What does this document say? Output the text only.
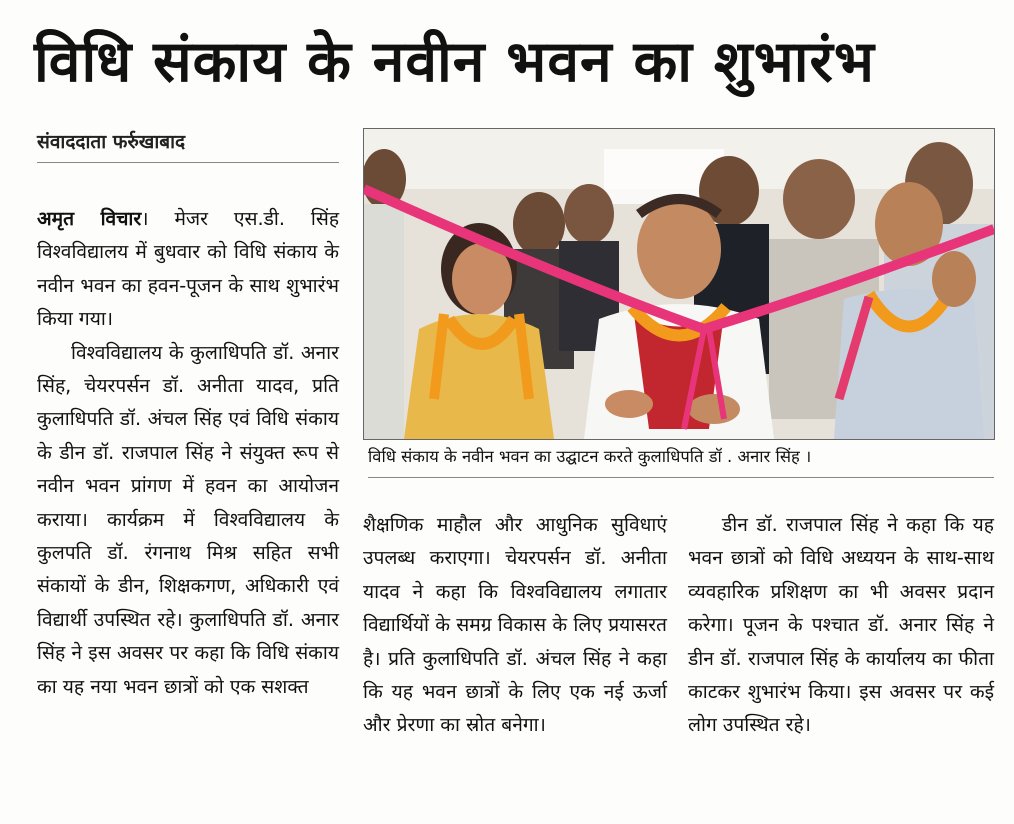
विधि संकाय के नवीन भवन का शुभारंभ
संवाददाता फर्रुखाबाद

अमृत विचार। मेजर एस.डी. सिंह विश्वविद्यालय में बुधवार को विधि संकाय के नवीन भवन का हवन-पूजन के साथ शुभारंभ किया गया।

विश्वविद्यालय के कुलाधिपति डॉ. अनार सिंह, चेयरपर्सन डॉ. अनीता यादव, प्रति कुलाधिपति डॉ. अंचल सिंह एवं विधि संकाय के डीन डॉ. राजपाल सिंह ने संयुक्त रूप से नवीन भवन प्रांगण में हवन का आयोजन कराया। कार्यक्रम में विश्वविद्यालय के कुलपति डॉ. रंगनाथ मिश्र सहित सभी संकायों के डीन, शिक्षकगण, अधिकारी एवं विद्यार्थी उपस्थित रहे। कुलाधिपति डॉ. अनार सिंह ने इस अवसर पर कहा कि विधि संकाय का यह नया भवन छात्रों को एक सशक्त

विधि संकाय के नवीन भवन का उद्घाटन करते कुलाधिपति डॉ . अनार सिंह ।

शैक्षणिक माहौल और आधुनिक सुविधाएं उपलब्ध कराएगा। चेयरपर्सन डॉ. अनीता यादव ने कहा कि विश्वविद्यालय लगातार विद्यार्थियों के समग्र विकास के लिए प्रयासरत है। प्रति कुलाधिपति डॉ. अंचल सिंह ने कहा कि यह भवन छात्रों के लिए एक नई ऊर्जा और प्रेरणा का स्रोत बनेगा।

डीन डॉ. राजपाल सिंह ने कहा कि यह भवन छात्रों को विधि अध्ययन के साथ-साथ व्यवहारिक प्रशिक्षण का भी अवसर प्रदान करेगा। पूजन के पश्चात डॉ. अनार सिंह ने डीन डॉ. राजपाल सिंह के कार्यालय का फीता काटकर शुभारंभ किया। इस अवसर पर कई लोग उपस्थित रहे।
